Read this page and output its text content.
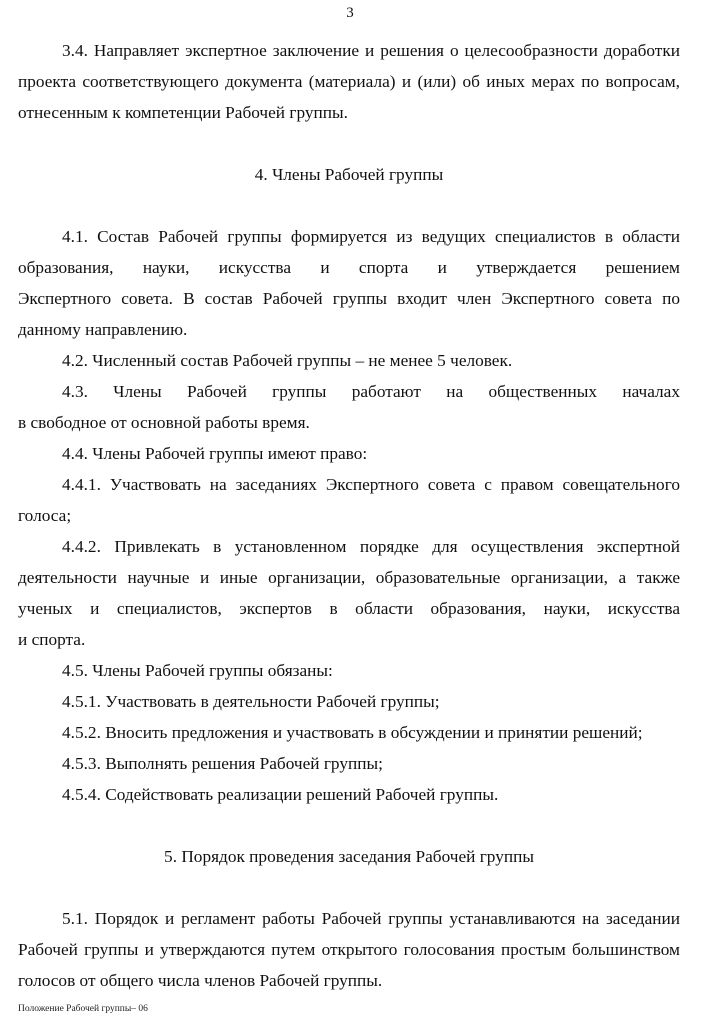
3

3.4. Направляет экспертное заключение и решения о целесообразности доработки проекта соответствующего документа (материала) и (или) об иных мерах по вопросам, отнесенным к компетенции Рабочей группы.

4. Члены Рабочей группы

4.1. Состав Рабочей группы формируется из ведущих специалистов в области образования, науки, искусства и спорта и утверждается решением

Экспертного совета. В состав Рабочей группы входит член Экспертного совета по данному направлению.

4.2. Численный состав Рабочей группы – не менее 5 человек.

4.3. Члены Рабочей группы работают на общественных началах

в свободное от основной работы время.

4.4. Члены Рабочей группы имеют право:

4.4.1. Участвовать на заседаниях Экспертного совета с правом совещательного голоса;

4.4.2. Привлекать в установленном порядке для осуществления экспертной деятельности научные и иные организации, образовательные организации, а также ученых и специалистов, экспертов в области образования, науки, искусства

и спорта.

4.5. Члены Рабочей группы обязаны:

4.5.1. Участвовать в деятельности Рабочей группы;

4.5.2. Вносить предложения и участвовать в обсуждении и принятии решений;

4.5.3. Выполнять решения Рабочей группы;

4.5.4. Содействовать реализации решений Рабочей группы.

5. Порядок проведения заседания Рабочей группы

5.1. Порядок и регламент работы Рабочей группы устанавливаются на заседании Рабочей группы и утверждаются путем открытого голосования простым большинством голосов от общего числа членов Рабочей группы.

Положение Рабочей группы– 06
